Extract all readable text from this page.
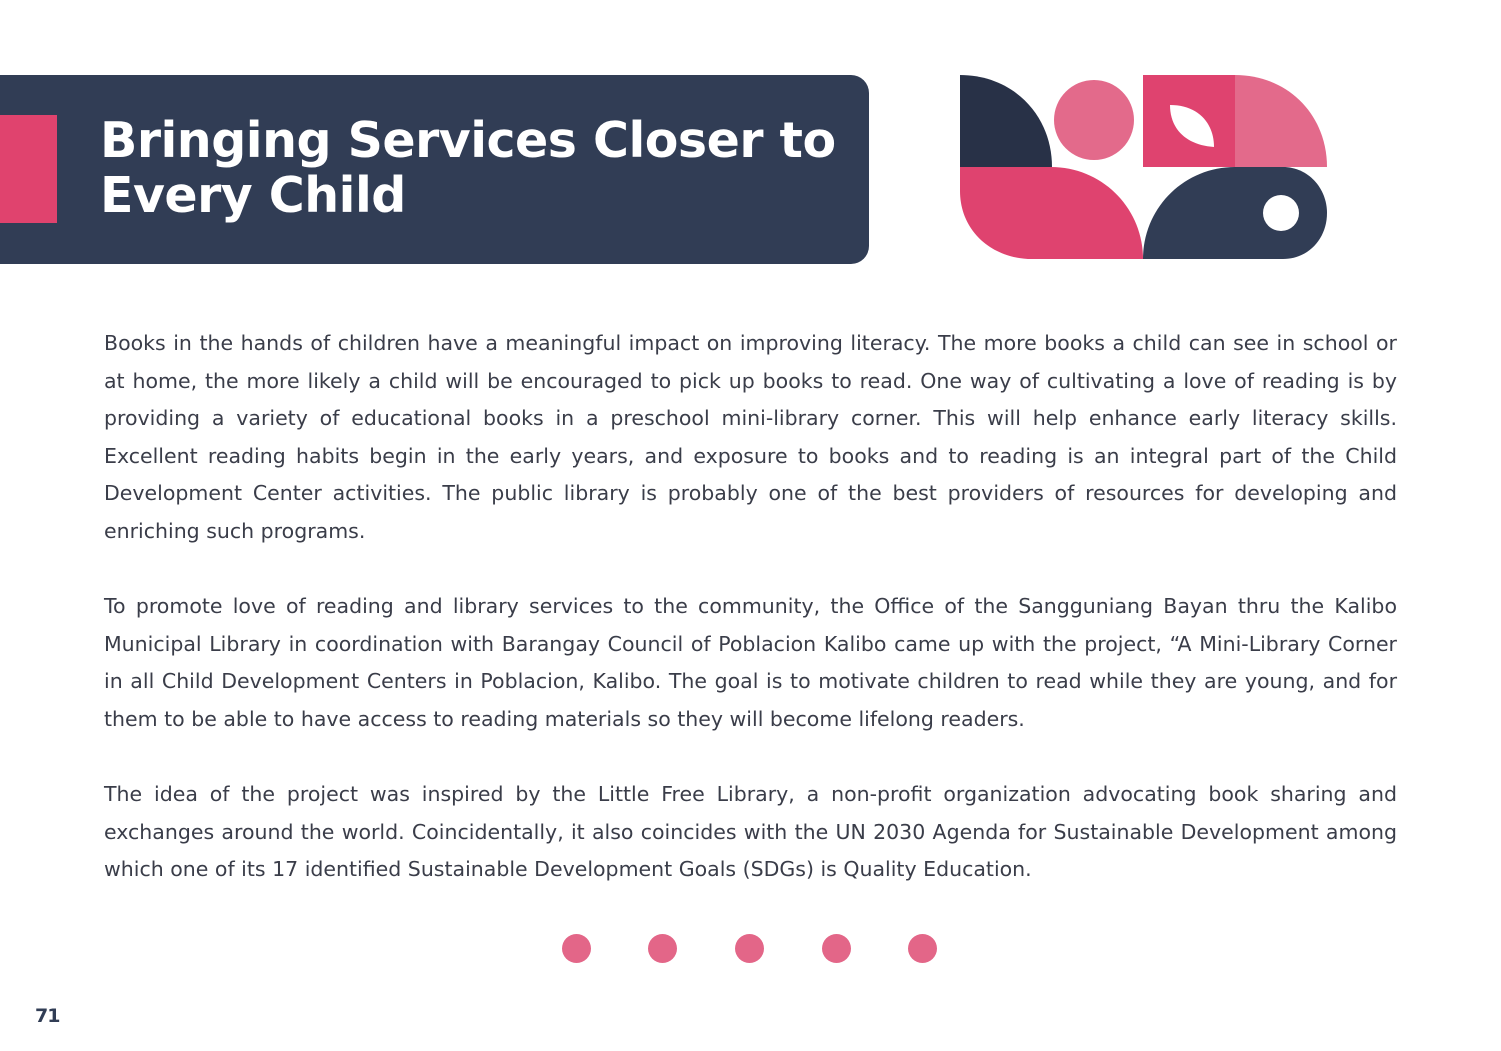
Bringing Services Closer to
Every Child

Books in the hands of children have a meaningful impact on improving literacy. The more books a child can see in school or at home, the more likely a child will be encouraged to pick up books to read. One way of cultivating a love of reading is by providing a variety of educational books in a preschool mini-library corner. This will help enhance early literacy skills. Excellent reading habits begin in the early years, and exposure to books and to reading is an integral part of the Child Development Center activities. The public library is probably one of the best providers of resources for developing and enriching such programs.

To promote love of reading and library services to the community, the Office of the Sangguniang Bayan thru the Kalibo Municipal Library in coordination with Barangay Council of Poblacion Kalibo came up with the project, “A Mini-Library Corner in all Child Development Centers in Poblacion, Kalibo. The goal is to motivate children to read while they are young, and for them to be able to have access to reading materials so they will become lifelong readers.

The idea of the project was inspired by the Little Free Library, a non-profit organization advocating book sharing and exchanges around the world. Coincidentally, it also coincides with the UN 2030 Agenda for Sustainable Development among which one of its 17 identified Sustainable Development Goals (SDGs) is Quality Education.

71
